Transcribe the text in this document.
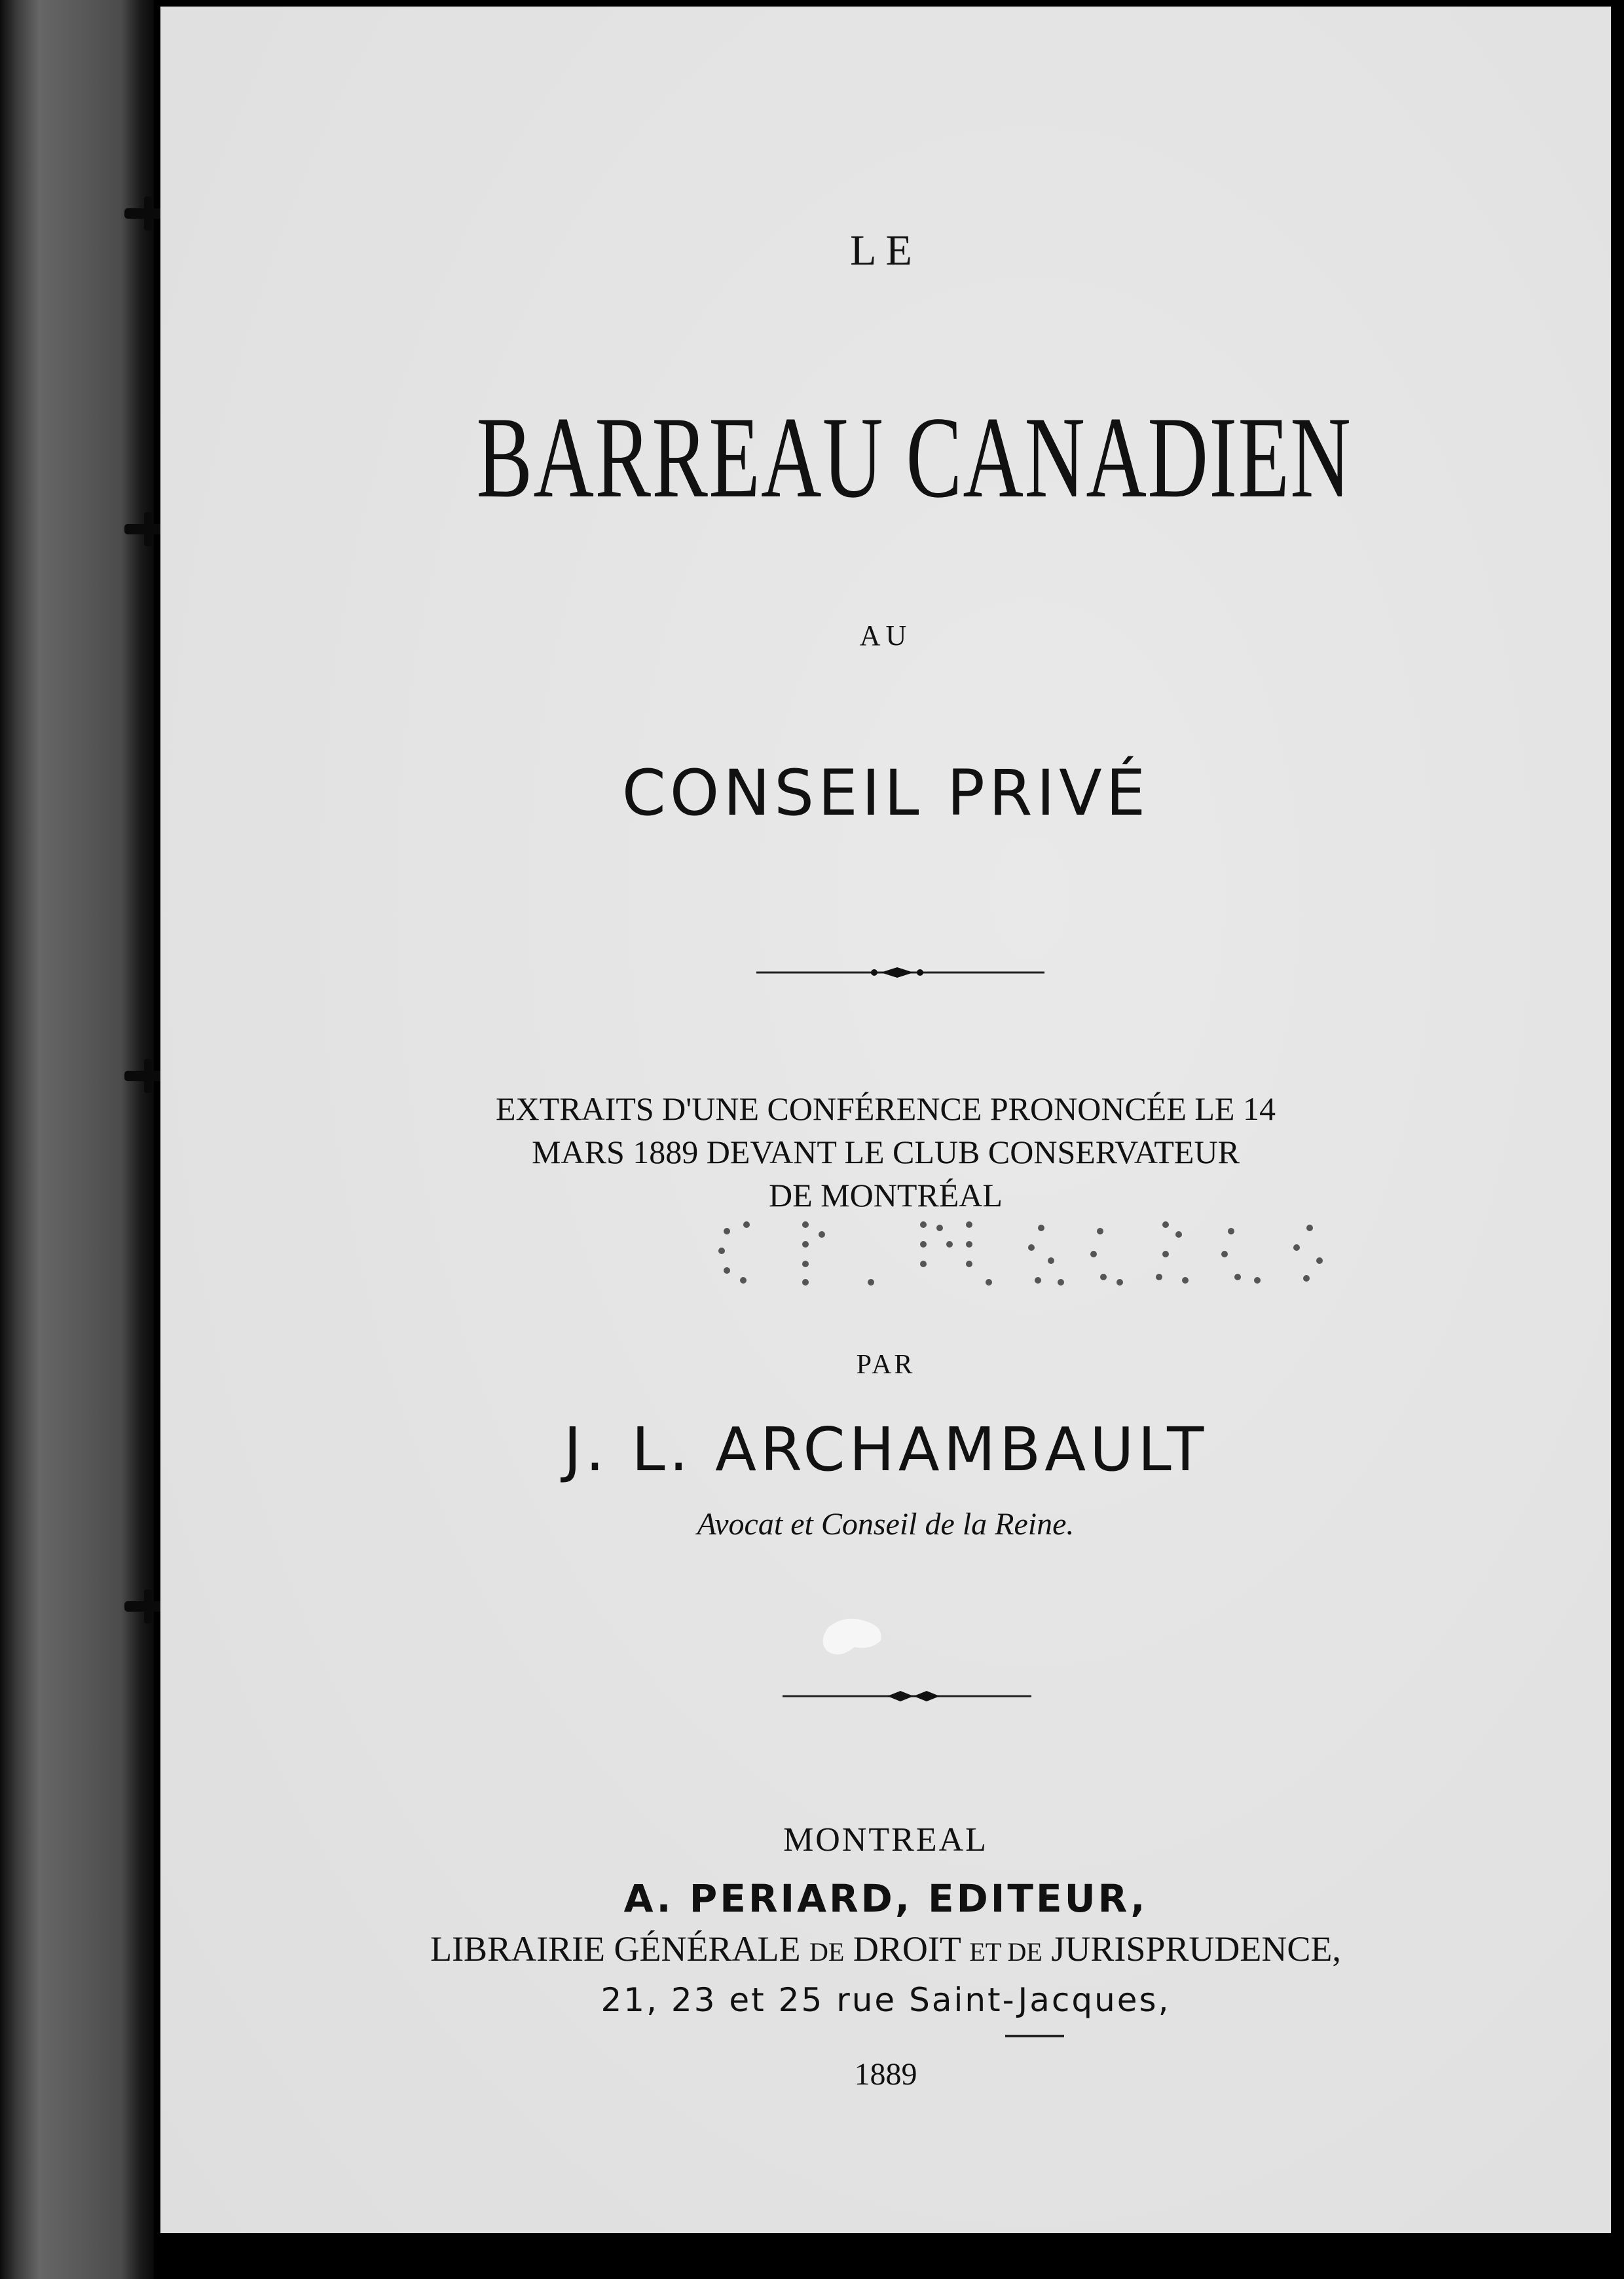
LE

BARREAU CANADIEN

AU

CONSEIL PRIVÉ

EXTRAITS D'UNE CONFÉRENCE PRONONCÉE LE 14
MARS 1889 DEVANT LE CLUB CONSERVATEUR
DE MONTRÉAL

PAR

J. L. ARCHAMBAULT

Avocat et Conseil de la Reine.

MONTREAL

A. PERIARD, EDITEUR,

LIBRAIRIE GÉNÉRALE DE DROIT ET DE JURISPRUDENCE,

21, 23 et 25 rue Saint-Jacques,

1889
